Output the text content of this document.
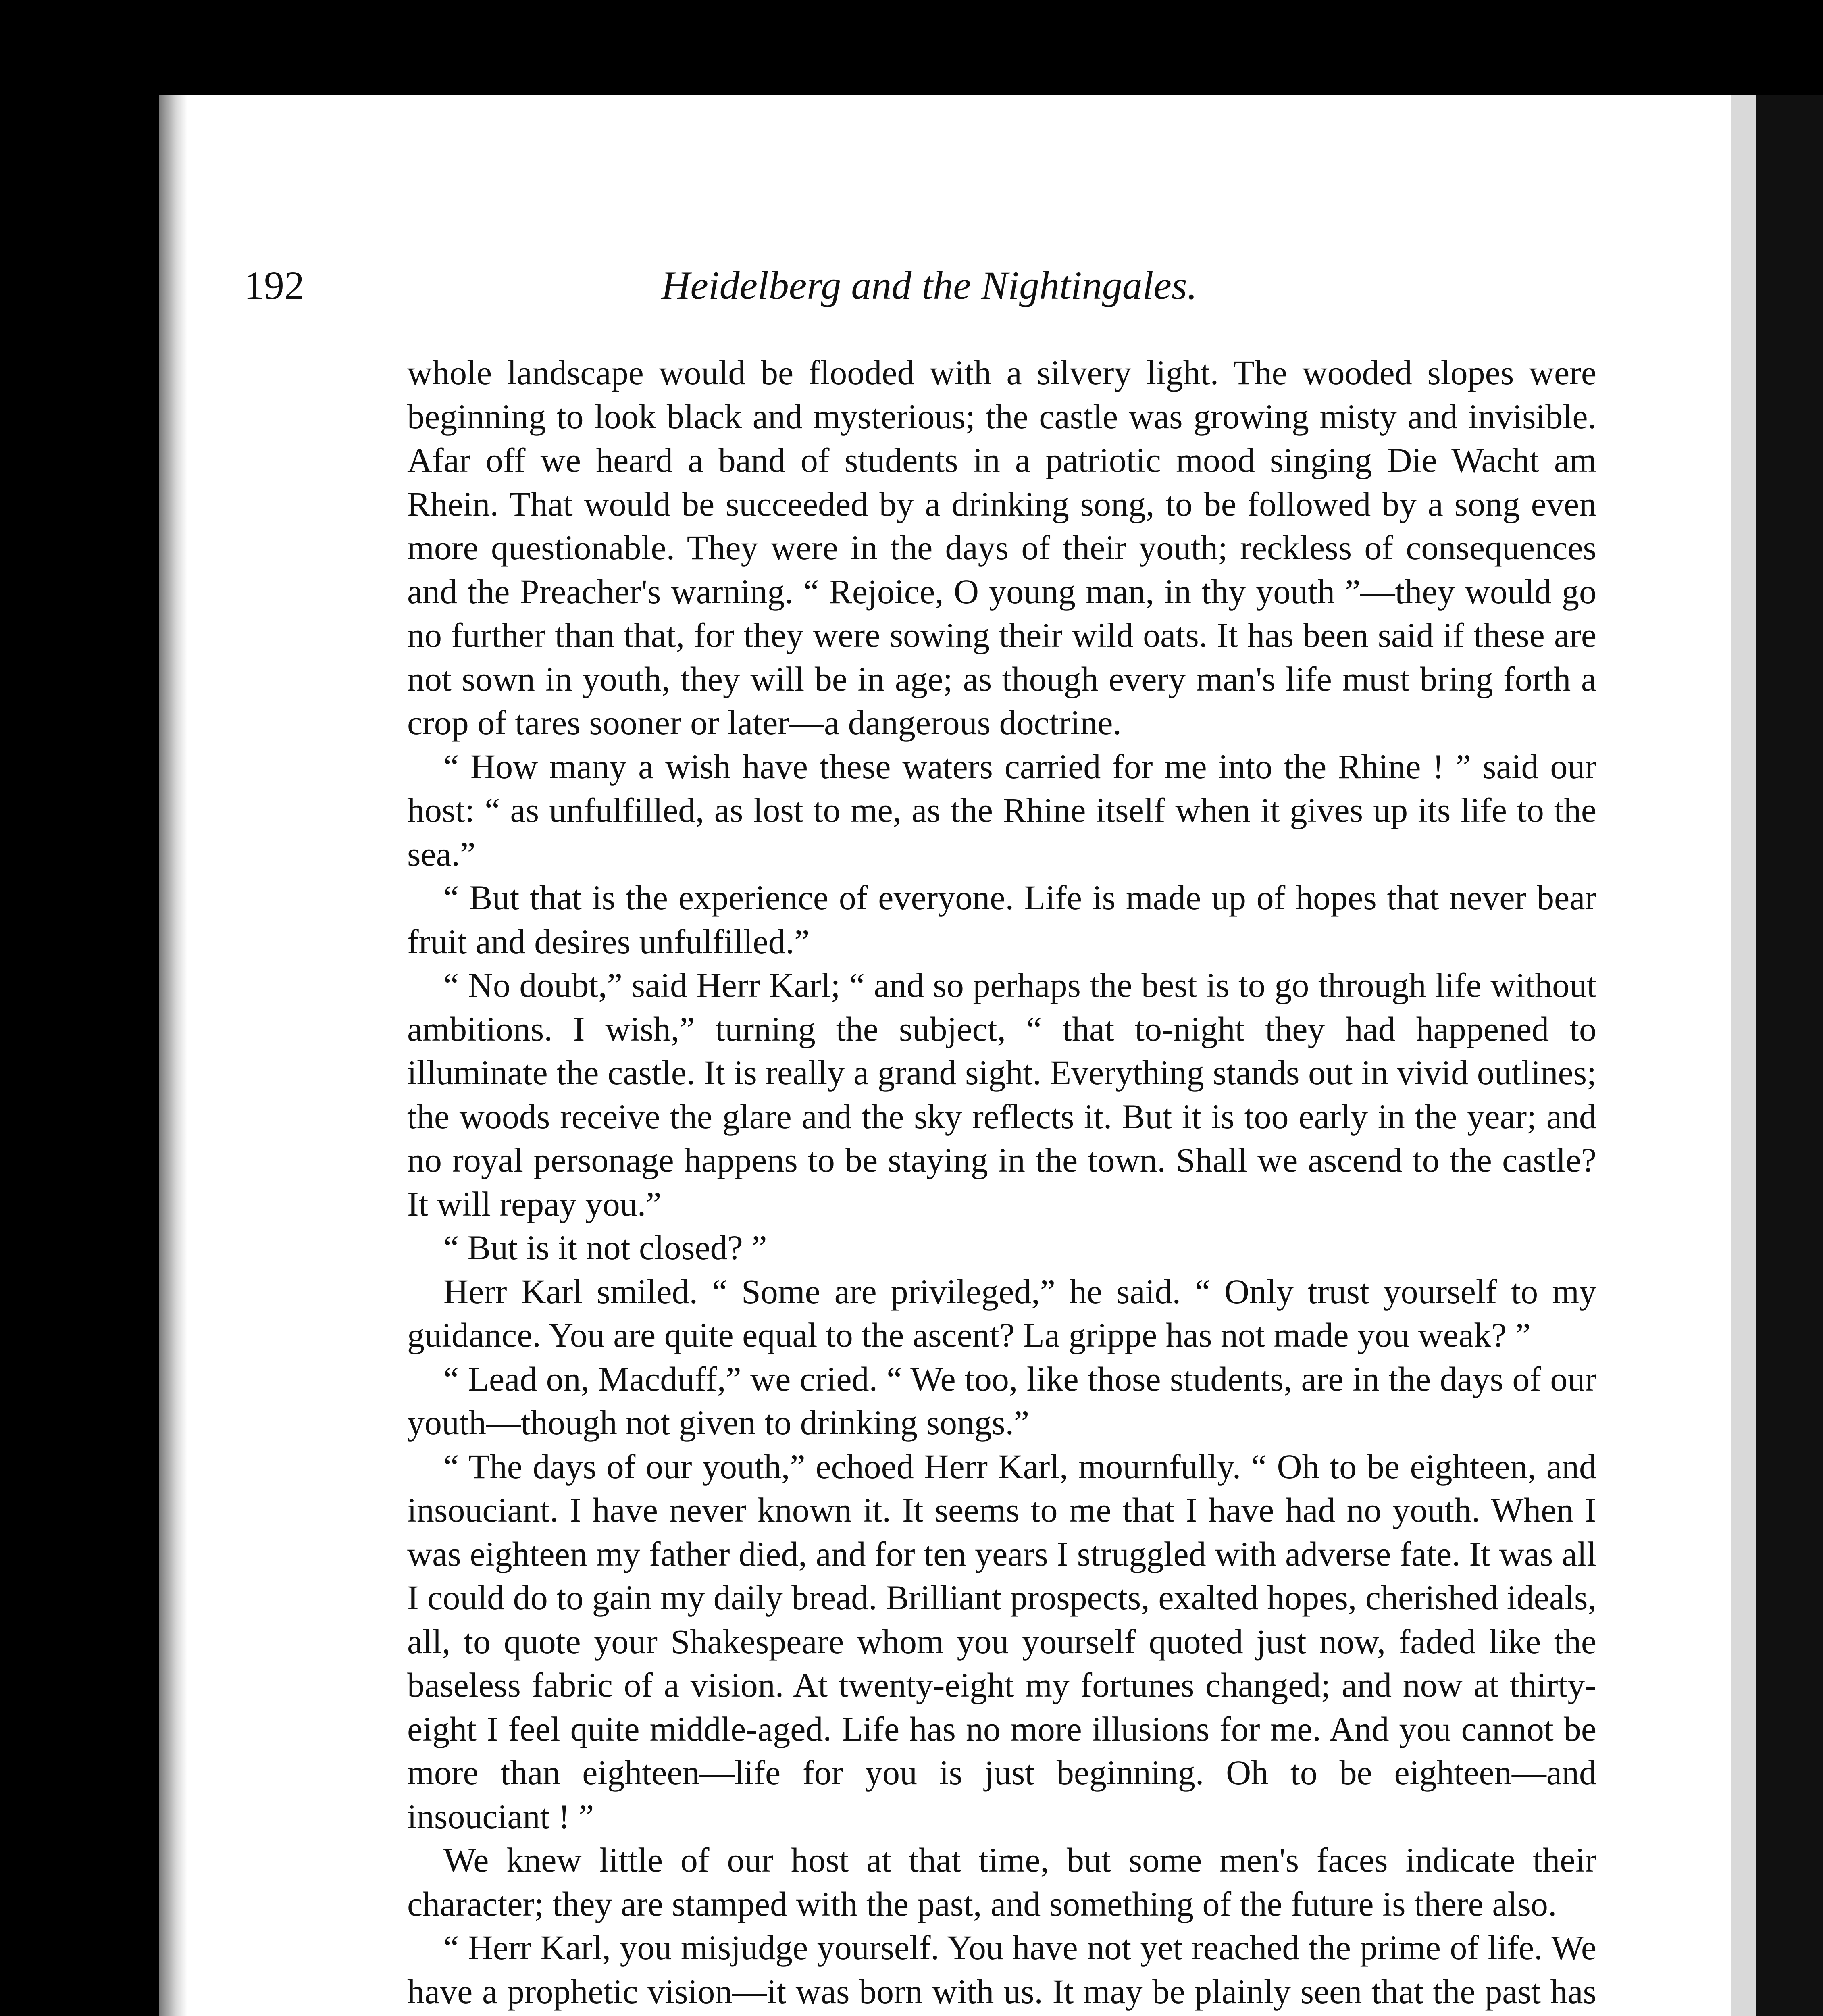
192	Heidelberg and the Nightingales.

whole landscape would be flooded with a silvery light. The wooded slopes were beginning to look black and mysterious; the castle was growing misty and invisible. Afar off we heard a band of students in a patriotic mood singing Die Wacht am Rhein. That would be succeeded by a drinking song, to be followed by a song even more questionable. They were in the days of their youth; reckless of consequences and the Preacher's warning. “ Rejoice, O young man, in thy youth ”—they would go no further than that, for they were sowing their wild oats. It has been said if these are not sown in youth, they will be in age; as though every man's life must bring forth a crop of tares sooner or later—a dangerous doctrine.

“ How many a wish have these waters carried for me into the Rhine ! ” said our host: “ as unfulfilled, as lost to me, as the Rhine itself when it gives up its life to the sea.”

“ But that is the experience of everyone. Life is made up of hopes that never bear fruit and desires unfulfilled.”

“ No doubt,” said Herr Karl; “ and so perhaps the best is to go through life without ambitions. I wish,” turning the subject, “ that to-night they had happened to illuminate the castle. It is really a grand sight. Everything stands out in vivid outlines; the woods receive the glare and the sky reflects it. But it is too early in the year; and no royal personage happens to be staying in the town. Shall we ascend to the castle? It will repay you.”

“ But is it not closed? ”

Herr Karl smiled. “ Some are privileged,” he said. “ Only trust yourself to my guidance. You are quite equal to the ascent? La grippe has not made you weak? ”

“ Lead on, Macduff,” we cried. “ We too, like those students, are in the days of our youth—though not given to drinking songs.”

“ The days of our youth,” echoed Herr Karl, mournfully. “ Oh to be eighteen, and insouciant. I have never known it. It seems to me that I have had no youth. When I was eighteen my father died, and for ten years I struggled with adverse fate. It was all I could do to gain my daily bread. Brilliant prospects, exalted hopes, cherished ideals, all, to quote your Shakespeare whom you yourself quoted just now, faded like the baseless fabric of a vision. At twenty-eight my fortunes changed; and now at thirty-eight I feel quite middle-aged. Life has no more illusions for me. And you cannot be more than eighteen—life for you is just beginning. Oh to be eighteen—and insouciant ! ”

We knew little of our host at that time, but some men's faces indicate their character; they are stamped with the past, and something of the future is there also.

“ Herr Karl, you misjudge yourself. You have not yet reached the prime of life. We have a prophetic vision—it was born with us. It may be plainly seen that the past has
